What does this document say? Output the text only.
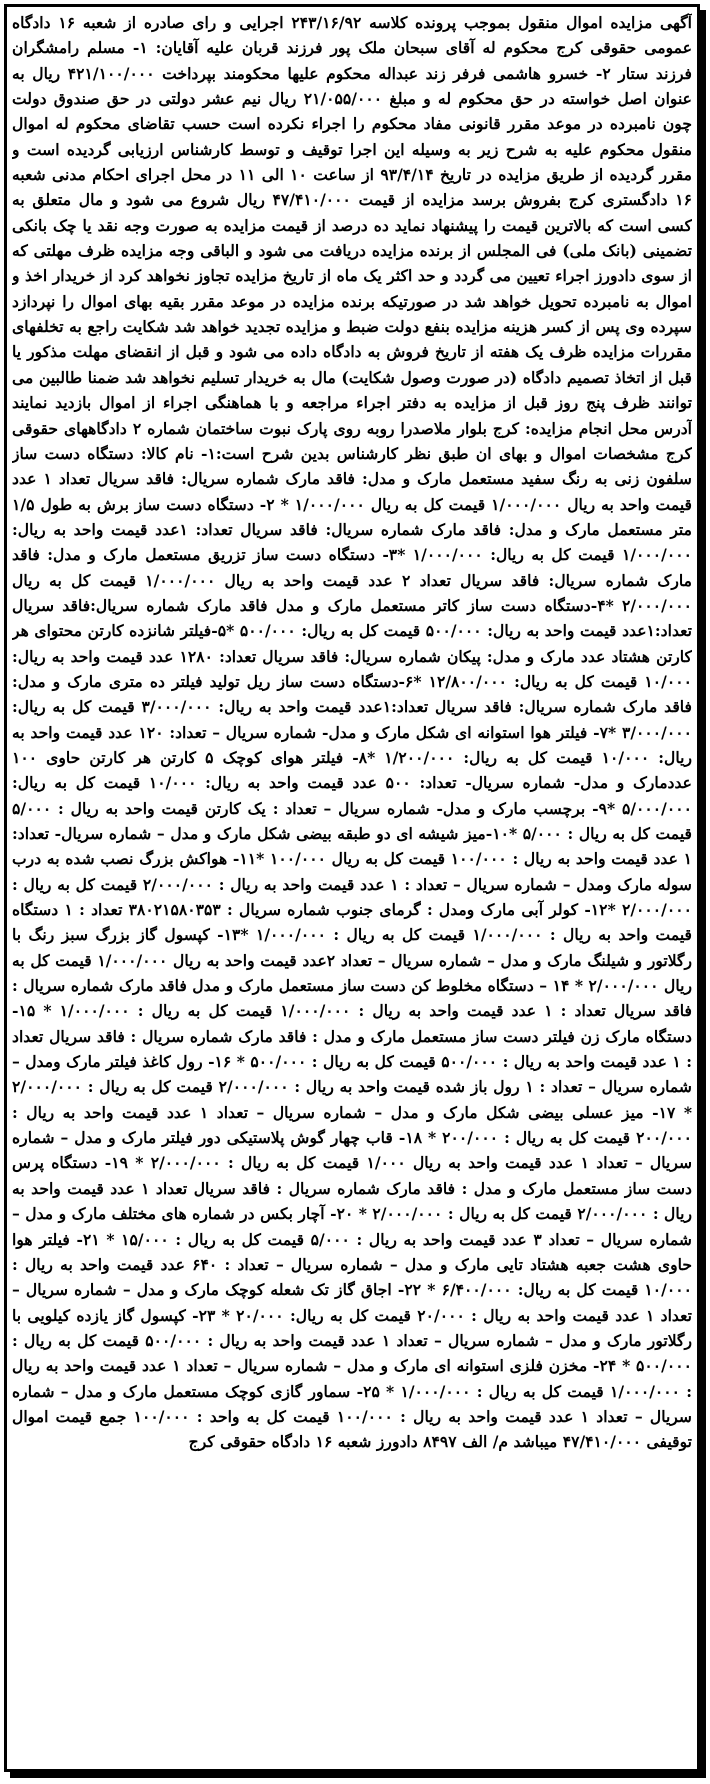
آگهی مزایده اموال منقول بموجب پرونده کلاسه ۲۴۳/۱۶/۹۲ اجرایی و رای صادره از شعبه ۱۶ دادگاه عمومی حقوقی کرج محکوم له آقای سبحان ملک پور فرزند قربان علیه آقایان: ۱- مسلم رامشگران فرزند ستار ۲- خسرو هاشمی فرفر زند عبداله محکوم علیها محکومند بپرداخت ۴۲۱/۱۰۰/۰۰۰ ریال به عنوان اصل خواسته در حق محکوم له و مبلغ ۲۱/۰۵۵/۰۰۰ ریال نیم عشر دولتی در حق صندوق دولت چون نامبرده در موعد مقرر قانونی مفاد محکوم را اجراء نکرده است حسب تقاضای محکوم له اموال منقول محکوم علیه به شرح زیر به وسیله این اجرا توقیف و توسط کارشناس ارزیابی گردیده است و مقرر گردیده از طریق مزایده در تاریخ ۹۳/۴/۱۴ از ساعت ۱۰ الی ۱۱ در محل اجرای احکام مدنی شعبه ۱۶ دادگستری کرج بفروش برسد مزایده از قیمت ۴۷/۴۱۰/۰۰۰ ریال شروع می شود و مال متعلق به کسی است که بالاترین قیمت را پیشنهاد نماید ده درصد از قیمت مزایده به صورت وجه نقد یا چک بانکی تضمینی (بانک ملی) فی المجلس از برنده مزایده دریافت می شود و الباقی وجه مزایده ظرف مهلتی که از سوی دادورز اجراء تعیین می گردد و حد اکثر یک ماه از تاریخ مزایده تجاوز نخواهد کرد از خریدار اخذ و اموال به نامبرده تحویل خواهد شد در صورتیکه برنده مزایده در موعد مقرر بقیه بهای اموال را نپردازد سپرده وی پس از کسر هزینه مزایده بنفع دولت ضبط و مزایده تجدید خواهد شد شکایت راجع به تخلفهای مقررات مزایده ظرف یک هفته از تاریخ فروش به دادگاه داده می شود و قبل از انقضای مهلت مذکور یا قبل از اتخاذ تصمیم دادگاه (در صورت وصول شکایت) مال به خریدار تسلیم نخواهد شد ضمنا طالبین می توانند ظرف پنج روز قبل از مزایده به دفتر اجراء مراجعه و با هماهنگی اجراء از اموال بازدید نمایند آدرس محل انجام مزایده: کرج بلوار ملاصدرا روبه روی پارک نبوت ساختمان شماره ۲ دادگاههای حقوقی کرج مشخصات اموال و بهای ان طبق نظر کارشناس بدین شرح است:۱- نام کالا: دستگاه دست ساز سلفون زنی به رنگ سفید مستعمل مارک و مدل: فاقد مارک شماره سریال: فاقد سریال تعداد ۱ عدد قیمت واحد به ریال ۱/۰۰۰/۰۰۰ قیمت کل به ریال ۱/۰۰۰/۰۰۰ * ۲- دستگاه دست ساز برش به طول ۱/۵ متر مستعمل مارک و مدل: فاقد مارک شماره سریال: فاقد سریال تعداد: ۱عدد قیمت واحد به ریال: ۱/۰۰۰/۰۰۰ قیمت کل به ریال: ۱/۰۰۰/۰۰۰ *۳- دستگاه دست ساز تزریق مستعمل مارک و مدل: فاقد مارک شماره سریال: فاقد سریال تعداد ۲ عدد قیمت واحد به ریال ۱/۰۰۰/۰۰۰ قیمت کل به ریال ۲/۰۰۰/۰۰۰ *۴-دستگاه دست ساز کاتر مستعمل مارک و مدل فاقد مارک شماره سریال:فاقد سریال تعداد:۱عدد قیمت واحد به ریال: ۵۰۰/۰۰۰ قیمت کل به ریال: ۵۰۰/۰۰۰ *۵-فیلتر شانزده کارتن محتوای هر کارتن هشتاد عدد مارک و مدل: پیکان شماره سریال: فاقد سریال تعداد: ۱۲۸۰ عدد قیمت واحد به ریال: ۱۰/۰۰۰ قیمت کل به ریال: ۱۲/۸۰۰/۰۰۰ *۶-دستگاه دست ساز ریل تولید فیلتر ده متری مارک و مدل: فاقد مارک شماره سریال: فاقد سریال تعداد:۱عدد قیمت واحد به ریال: ۳/۰۰۰/۰۰۰ قیمت کل به ریال: ۳/۰۰۰/۰۰۰ *۷- فیلتر هوا استوانه ای شکل مارک و مدل- شماره سریال – تعداد: ۱۲۰ عدد قیمت واحد به ریال: ۱۰/۰۰۰ قیمت کل به ریال: ۱/۲۰۰/۰۰۰ *۸- فیلتر هوای کوچک ۵ کارتن هر کارتن حاوی ۱۰۰ عددمارک و مدل- شماره سریال- تعداد: ۵۰۰ عدد قیمت واحد به ریال: ۱۰/۰۰۰ قیمت کل به ریال: ۵/۰۰۰/۰۰۰ *۹- برچسب مارک و مدل- شماره سریال – تعداد : یک کارتن قیمت واحد به ریال : ۵/۰۰۰ قیمت کل به ریال : ۵/۰۰۰ *۱۰-میز شیشه ای دو طبقه بیضی شکل مارک و مدل – شماره سریال- تعداد: ۱ عدد قیمت واحد به ریال : ۱۰۰/۰۰۰ قیمت کل به ریال ۱۰۰/۰۰۰ *۱۱- هواکش بزرگ نصب شده به درب سوله مارک ومدل – شماره سریال – تعداد : ۱ عدد قیمت واحد به ریال : ۲/۰۰۰/۰۰۰ قیمت کل به ریال : ۲/۰۰۰/۰۰۰ *۱۲- کولر آبی مارک ومدل : گرمای جنوب شماره سریال : ۳۸۰۲۱۵۸۰۳۵۳ تعداد : ۱ دستگاه قیمت واحد به ریال : ۱/۰۰۰/۰۰۰ قیمت کل به ریال : ۱/۰۰۰/۰۰۰ *۱۳- کپسول گاز بزرگ سبز رنگ با رگلاتور و شیلنگ مارک و مدل – شماره سریال – تعداد ۲عدد قیمت واحد به ریال ۱/۰۰۰/۰۰۰ قیمت کل به ریال ۲/۰۰۰/۰۰۰ * ۱۴ – دستگاه مخلوط کن دست ساز مستعمل مارک و مدل فاقد مارک شماره سریال : فاقد سریال تعداد : ۱ عدد قیمت واحد به ریال : ۱/۰۰۰/۰۰۰ قیمت کل به ریال : ۱/۰۰۰/۰۰۰ * ۱۵- دستگاه مارک زن فیلتر دست ساز مستعمل مارک و مدل : فاقد مارک شماره سریال : فاقد سریال تعداد : ۱ عدد قیمت واحد به ریال : ۵۰۰/۰۰۰ قیمت کل به ریال : ۵۰۰/۰۰۰ * ۱۶- رول کاغذ فیلتر مارک ومدل – شماره سریال – تعداد : ۱ رول باز شده قیمت واحد به ریال : ۲/۰۰۰/۰۰۰ قیمت کل به ریال : ۲/۰۰۰/۰۰۰ * ۱۷- میز عسلی بیضی شکل مارک و مدل – شماره سریال – تعداد ۱ عدد قیمت واحد به ریال : ۲۰۰/۰۰۰ قیمت کل به ریال : ۲۰۰/۰۰۰ * ۱۸- قاب چهار گوش پلاستیکی دور فیلتر مارک و مدل – شماره سریال – تعداد ۱ عدد قیمت واحد به ریال ۱/۰۰۰ قیمت کل به ریال : ۲/۰۰۰/۰۰۰ * ۱۹- دستگاه پرس دست ساز مستعمل مارک و مدل : فاقد مارک شماره سریال : فاقد سریال تعداد ۱ عدد قیمت واحد به ریال : ۲/۰۰۰/۰۰۰ قیمت کل به ریال : ۲/۰۰۰/۰۰۰ * ۲۰- آچار بکس در شماره های مختلف مارک و مدل – شماره سریال – تعداد ۳ عدد قیمت واحد به ریال : ۵/۰۰۰ قیمت کل به ریال : ۱۵/۰۰۰ * ۲۱- فیلتر هوا حاوی هشت جعبه هشتاد تایی مارک و مدل – شماره سریال – تعداد : ۶۴۰ عدد قیمت واحد به ریال : ۱۰/۰۰۰ قیمت کل به ریال: ۶/۴۰۰/۰۰۰ * ۲۲- اجاق گاز تک شعله کوچک مارک و مدل – شماره سریال – تعداد ۱ عدد قیمت واحد به ریال : ۲۰/۰۰۰ قیمت کل به ریال: ۲۰/۰۰۰ * ۲۳- کپسول گاز یازده کیلویی با رگلاتور مارک و مدل – شماره سریال – تعداد ۱ عدد قیمت واحد به ریال : ۵۰۰/۰۰۰ قیمت کل به ریال : ۵۰۰/۰۰۰ * ۲۴- مخزن فلزی استوانه ای مارک و مدل – شماره سریال – تعداد ۱ عدد قیمت واحد به ریال : ۱/۰۰۰/۰۰۰ قیمت کل به ریال : ۱/۰۰۰/۰۰۰ * ۲۵- سماور گازی کوچک مستعمل مارک و مدل – شماره سریال – تعداد ۱ عدد قیمت واحد به ریال : ۱۰۰/۰۰۰ قیمت کل به واحد : ۱۰۰/۰۰۰ جمع قیمت اموال توقیفی ۴۷/۴۱۰/۰۰۰ میباشد م/ الف ۸۴۹۷ دادورز شعبه ۱۶ دادگاه حقوقی کرج
